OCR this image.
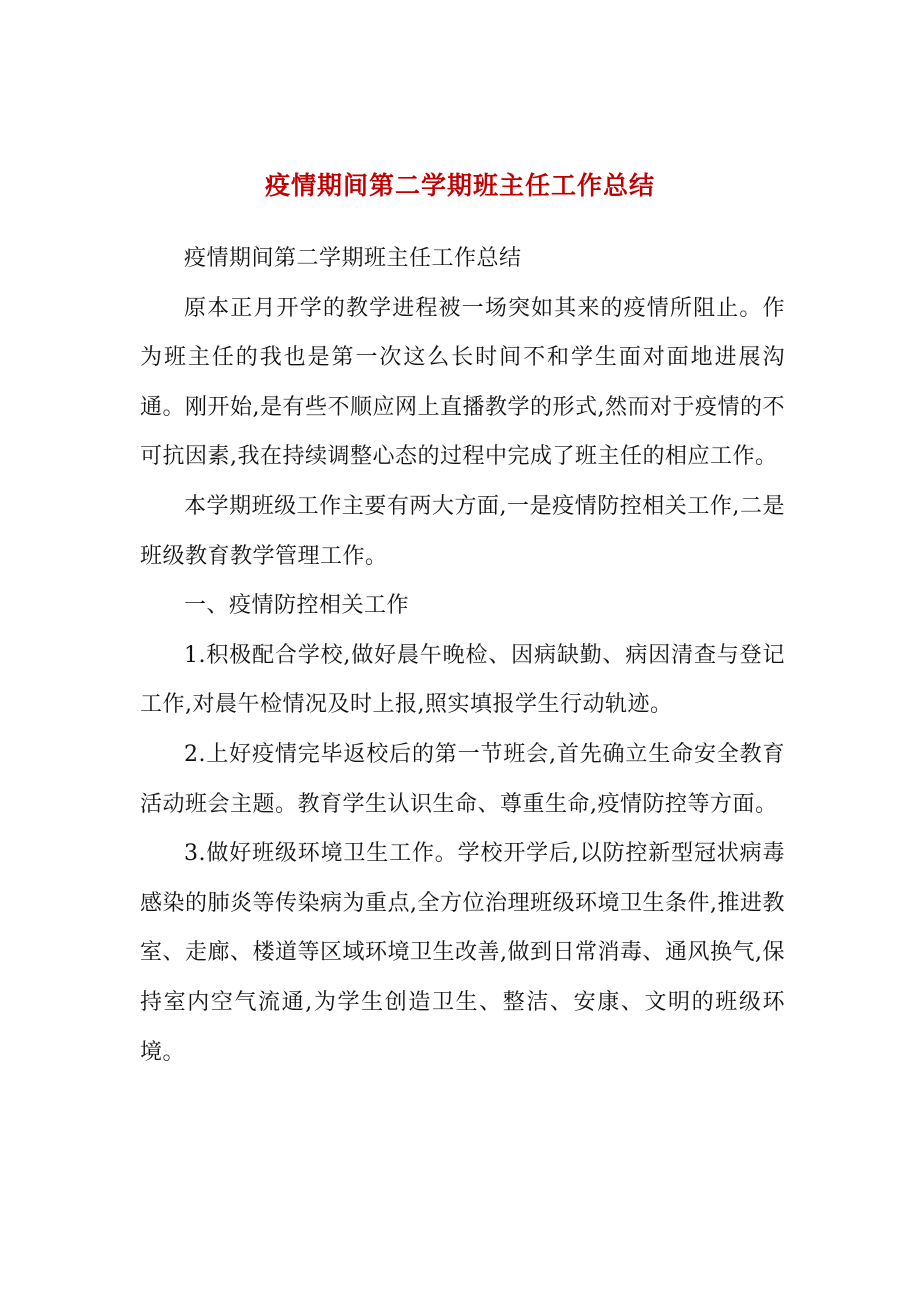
疫情期间第二学期班主任工作总结

疫情期间第二学期班主任工作总结

原本正月开学的教学进程被一场突如其来的疫情所阻止。作为班主任的我也是第一次这么长时间不和学生面对面地进展沟通。刚开始,是有些不顺应网上直播教学的形式,然而对于疫情的不可抗因素,我在持续调整心态的过程中完成了班主任的相应工作。

本学期班级工作主要有两大方面,一是疫情防控相关工作,二是班级教育教学管理工作。

一、疫情防控相关工作

1.积极配合学校,做好晨午晚检、因病缺勤、病因清查与登记工作,对晨午检情况及时上报,照实填报学生行动轨迹。

2.上好疫情完毕返校后的第一节班会,首先确立生命安全教育活动班会主题。教育学生认识生命、尊重生命,疫情防控等方面。

3.做好班级环境卫生工作。学校开学后,以防控新型冠状病毒感染的肺炎等传染病为重点,全方位治理班级环境卫生条件,推进教室、走廊、楼道等区域环境卫生改善,做到日常消毒、通风换气,保持室内空气流通,为学生创造卫生、整洁、安康、文明的班级环境。
